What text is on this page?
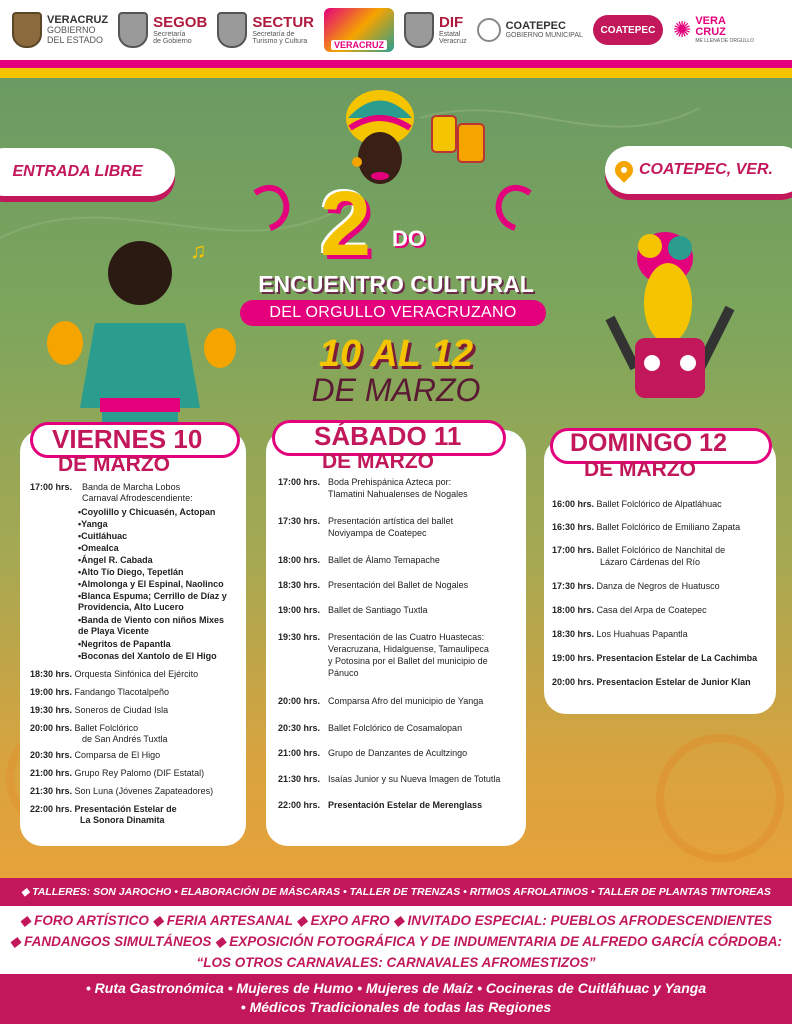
VERACRUZ
GOBIERNO
DEL ESTADO
SEGOB
Secretaría
de Gobierno
SECTUR
Secretaría de
Turismo y Cultura	VERACRUZ
DIF
Estatal
Veracruz
COATEPEC
GOBIERNO MUNICIPAL
COATEPEC ✺ VERA
CRUZ
ME LLENA DE ORGULLO
♫
ENTRADA LIBRE	COATEPEC, VER.
2 DO
ENCUENTRO CULTURAL
DEL ORGULLO VERACRUZANO
10 AL 12
DE MARZO
VIERNES 10
DE MARZO
17:00 hrs. Banda de Marcha Lobos
Carnaval Afrodescendiente:
•Coyolillo y Chicuasén, Actopan
•Yanga
•Cuitláhuac
•Omealca
•Ángel R. Cabada
•Alto Tío Diego, Tepetlán
•Almolonga y El Espinal, Naolinco
•Blanca Espuma; Cerrillo de Díaz y
Providencia, Alto Lucero
•Banda de Viento con niños Mixes
de Playa Vicente
•Negritos de Papantla
•Boconas del Xantolo de El Higo
18:30 hrs. Orquesta Sinfónica del Ejército
19:00 hrs. Fandango Tlacotalpeño
19:30 hrs. Soneros de Ciudad Isla
20:00 hrs. Ballet Folclórico
de San Andrés Tuxtla
20:30 hrs. Comparsa de El Higo
21:00 hrs. Grupo Rey Palomo (DIF Estatal)
21:30 hrs. Son Luna (Jóvenes Zapateadores)
22:00 hrs. Presentación Estelar de
La Sonora Dinamita
SÁBADO 11
DE MARZO
17:00 hrs. Boda Prehispánica Azteca por:
Tlamatini Nahualenses de Nogales
17:30 hrs. Presentación artística del ballet
Noviyampa de Coatepec
18:00 hrs. Ballet de Álamo Temapache
18:30 hrs. Presentación del Ballet de Nogales
19:00 hrs. Ballet de Santiago Tuxtla
19:30 hrs. Presentación de las Cuatro Huastecas:
Veracruzana, Hidalguense, Tamaulipeca
y Potosina por el Ballet del municipio de
Pánuco
20:00 hrs. Comparsa Afro del municipio de Yanga
20:30 hrs. Ballet Folclórico de Cosamalopan
21:00 hrs. Grupo de Danzantes de Acultzingo
21:30 hrs. Isaías Junior y su Nueva Imagen de Totutla
22:00 hrs. Presentación Estelar de Merenglass
DOMINGO 12
DE MARZO
16:00 hrs. Ballet Folclórico de Alpatláhuac
16:30 hrs. Ballet Folclórico de Emiliano Zapata
17:00 hrs. Ballet Folclórico de Nanchital de
Lázaro Cárdenas del Río
17:30 hrs. Danza de Negros de Huatusco
18:00 hrs. Casa del Arpa de Coatepec
18:30 hrs. Los Huahuas Papantla
19:00 hrs. Presentacion Estelar de La Cachimba
20:00 hrs. Presentacion Estelar de Junior Klan
◆ TALLERES: SON JAROCHO • ELABORACIÓN DE MÁSCARAS • TALLER DE TRENZAS • RITMOS AFROLATINOS • TALLER DE PLANTAS TINTOREAS
◆ FORO ARTÍSTICO ◆ FERIA ARTESANAL ◆ EXPO AFRO ◆ INVITADO ESPECIAL: PUEBLOS AFRODESCENDIENTES
◆ FANDANGOS SIMULTÁNEOS ◆ EXPOSICIÓN FOTOGRÁFICA Y DE INDUMENTARIA DE ALFREDO GARCÍA CÓRDOBA:
“LOS OTROS CARNAVALES: CARNAVALES AFROMESTIZOS”
• Ruta Gastronómica • Mujeres de Humo • Mujeres de Maíz • Cocineras de Cuitláhuac y Yanga
• Médicos Tradicionales de todas las Regiones
